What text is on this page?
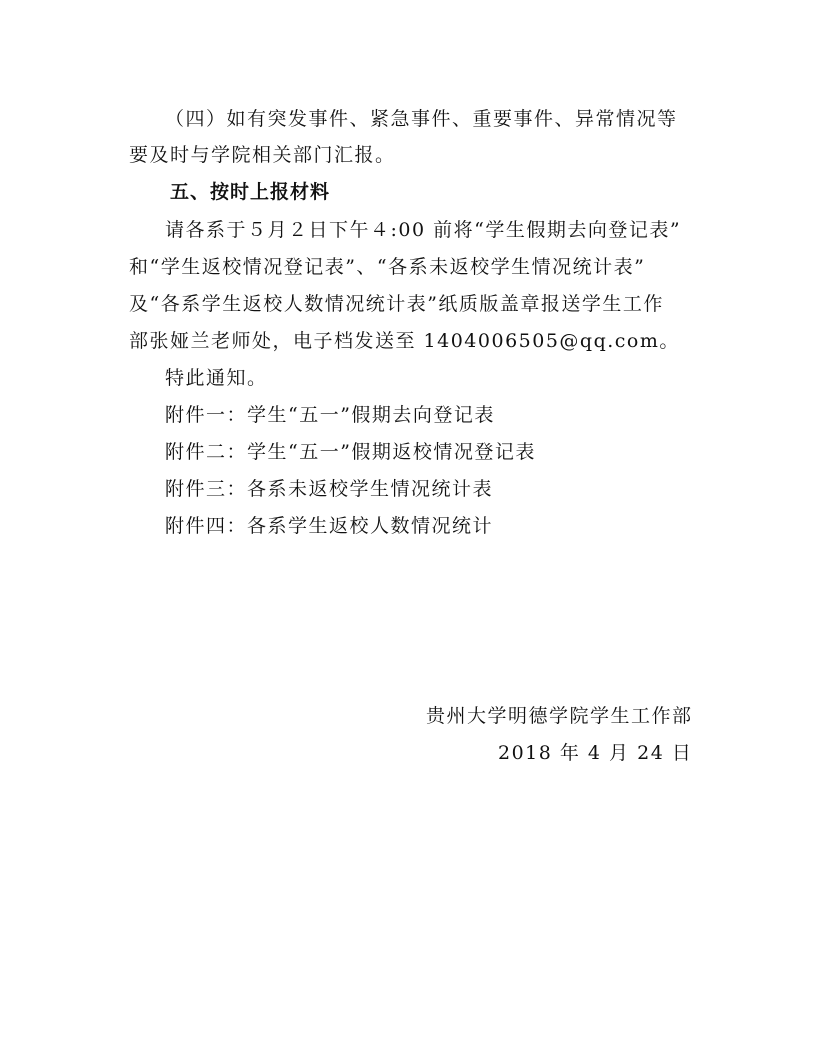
（四）如有突发事件、紧急事件、重要事件、异常情况等
要及时与学院相关部门汇报。
五、按时上报材料
请各系于５月２日下午４:00 前将“学生假期去向登记表”
和“学生返校情况登记表”、“各系未返校学生情况统计表”
及“各系学生返校人数情况统计表”纸质版盖章报送学生工作
部张娅兰老师处，电子档发送至 1404006505@qq.com。
特此通知。
附件一：学生“五一”假期去向登记表
附件二：学生“五一”假期返校情况登记表
附件三：各系未返校学生情况统计表
附件四：各系学生返校人数情况统计
贵州大学明德学院学生工作部
2018 年 4 月 24 日
